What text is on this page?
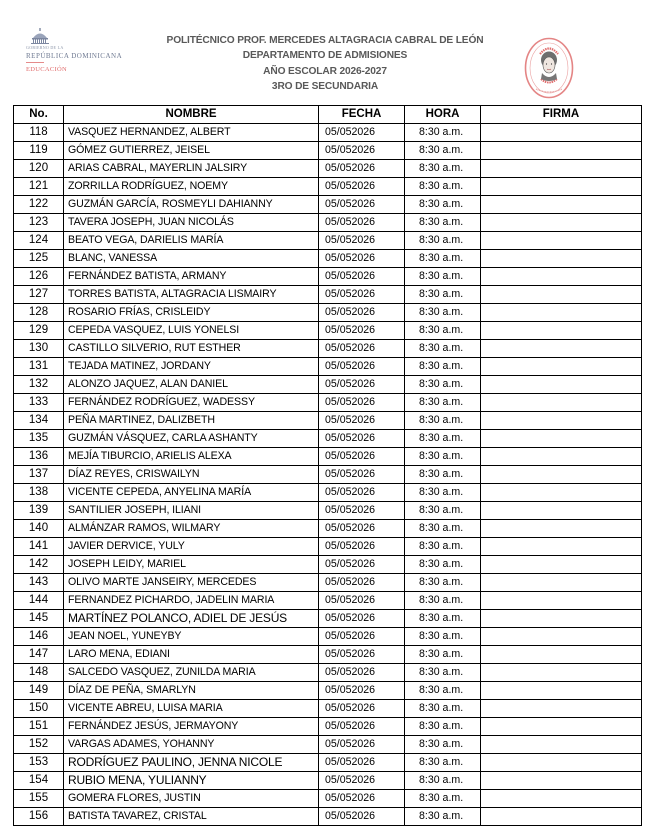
GOBIERNO DE LA
REPÚBLICA DOMINICANA
EDUCACIÓN
POLITÉCNICO PROF. MERCEDES ALTAGRACIA CABRAL DE LEÓN
DEPARTAMENTO DE ADMISIONES
AÑO ESCOLAR 2026-2027
3RO DE SECUNDARIA
No.	NOMBRE	FECHA	HORA	FIRMA
118	VASQUEZ HERNANDEZ, ALBERT	05/052026	8:30 a.m.	
119	GÓMEZ GUTIERREZ, JEISEL	05/052026	8:30 a.m.	
120	ARIAS CABRAL, MAYERLIN JALSIRY	05/052026	8:30 a.m.	
121	ZORRILLA RODRÍGUEZ, NOEMY	05/052026	8:30 a.m.	
122	GUZMÁN GARCÍA, ROSMEYLI DAHIANNY	05/052026	8:30 a.m.	
123	TAVERA JOSEPH, JUAN NICOLÁS	05/052026	8:30 a.m.	
124	BEATO VEGA, DARIELIS MARÍA	05/052026	8:30 a.m.	
125	BLANC, VANESSA	05/052026	8:30 a.m.	
126	FERNÁNDEZ BATISTA, ARMANY	05/052026	8:30 a.m.	
127	TORRES BATISTA, ALTAGRACIA LISMAIRY	05/052026	8:30 a.m.	
128	ROSARIO FRÍAS, CRISLEIDY	05/052026	8:30 a.m.	
129	CEPEDA VASQUEZ, LUIS YONELSI	05/052026	8:30 a.m.	
130	CASTILLO SILVERIO, RUT ESTHER	05/052026	8:30 a.m.	
131	TEJADA MATINEZ, JORDANY	05/052026	8:30 a.m.	
132	ALONZO JAQUEZ, ALAN DANIEL	05/052026	8:30 a.m.	
133	FERNÁNDEZ RODRÍGUEZ, WADESSY	05/052026	8:30 a.m.	
134	PEÑA MARTINEZ, DALIZBETH	05/052026	8:30 a.m.	
135	GUZMÁN VÁSQUEZ, CARLA ASHANTY	05/052026	8:30 a.m.	
136	MEJÍA TIBURCIO, ARIELIS ALEXA	05/052026	8:30 a.m.	
137	DÍAZ REYES, CRISWAILYN	05/052026	8:30 a.m.	
138	VICENTE CEPEDA, ANYELINA MARÍA	05/052026	8:30 a.m.	
139	SANTILIER JOSEPH, ILIANI	05/052026	8:30 a.m.	
140	ALMÁNZAR RAMOS, WILMARY	05/052026	8:30 a.m.	
141	JAVIER DERVICE, YULY	05/052026	8:30 a.m.	
142	JOSEPH LEIDY, MARIEL	05/052026	8:30 a.m.	
143	OLIVO MARTE JANSEIRY, MERCEDES	05/052026	8:30 a.m.	
144	FERNANDEZ PICHARDO, JADELIN MARIA	05/052026	8:30 a.m.	
145	MARTÍNEZ POLANCO, ADIEL DE JESÚS	05/052026	8:30 a.m.	
146	JEAN NOEL, YUNEYBY	05/052026	8:30 a.m.	
147	LARO MENA, EDIANI	05/052026	8:30 a.m.	
148	SALCEDO VASQUEZ, ZUNILDA MARIA	05/052026	8:30 a.m.	
149	DÍAZ DE PEÑA, SMARLYN	05/052026	8:30 a.m.	
150	VICENTE ABREU, LUISA MARIA	05/052026	8:30 a.m.	
151	FERNÁNDEZ JESÚS, JERMAYONY	05/052026	8:30 a.m.	
152	VARGAS ADAMES, YOHANNY	05/052026	8:30 a.m.	
153	RODRÍGUEZ PAULINO, JENNA NICOLE	05/052026	8:30 a.m.	
154	RUBIO MENA, YULIANNY	05/052026	8:30 a.m.	
155	GOMERA FLORES, JUSTIN	05/052026	8:30 a.m.	
156	BATISTA TAVAREZ, CRISTAL	05/052026	8:30 a.m.	
